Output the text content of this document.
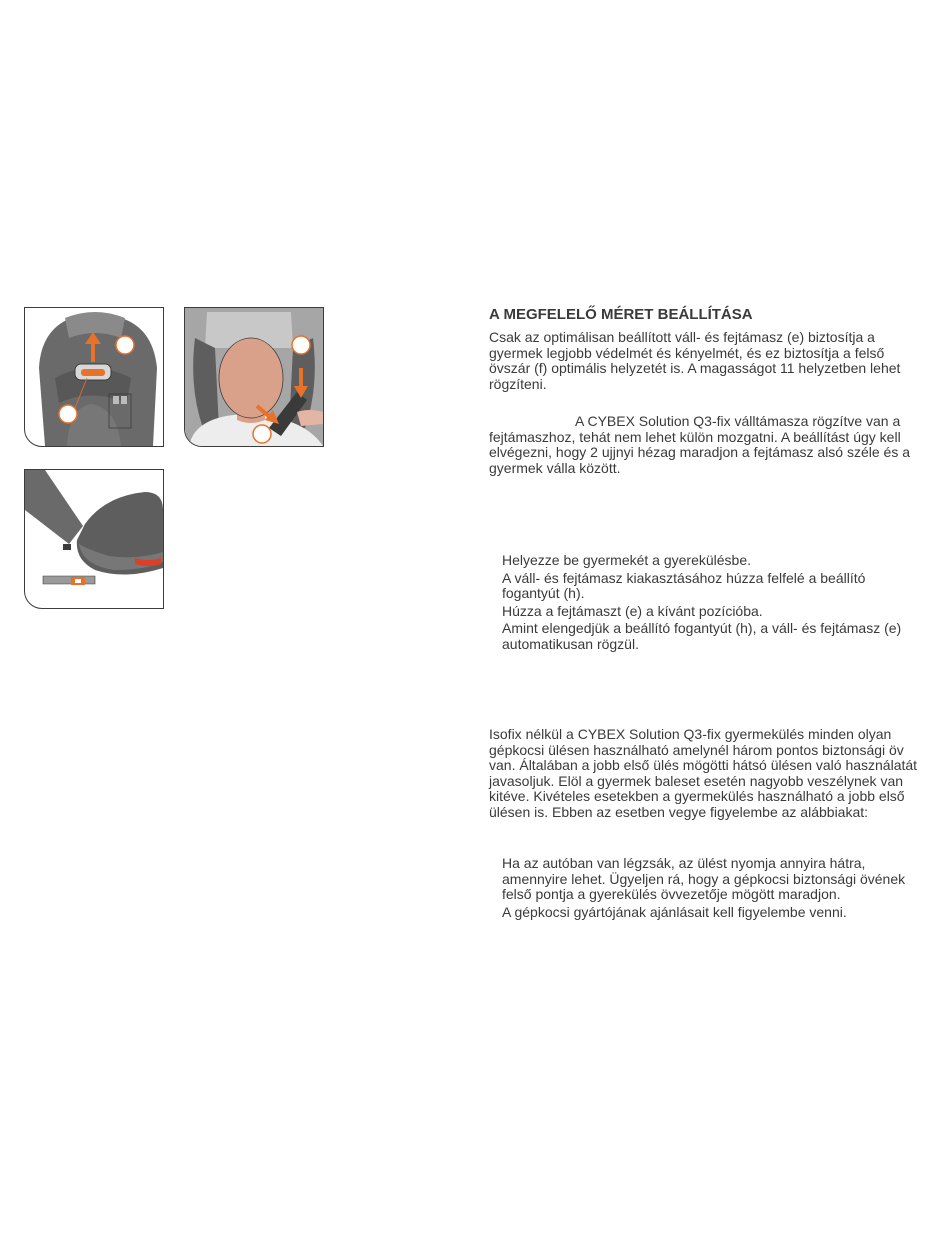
A MEGFELELŐ MÉRET BEÁLLÍTÁSA

Csak az optimálisan beállított váll- és fejtámasz (e) biztosítja a gyermek legjobb védelmét és kényelmét, és ez biztosítja a felső övszár (f) optimális helyzetét is. A magasságot 11 helyzetben lehet rögzíteni.

A CYBEX Solution Q3-fix válltámasza rögzítve van a fejtámaszhoz, tehát nem lehet külön mozgatni. A beállítást úgy kell elvégezni, hogy 2 ujjnyi hézag maradjon a fejtámasz alsó széle és a gyermek válla között.

Helyezze be gyermekét a gyerekülésbe.
A váll- és fejtámasz kiakasztásához húzza felfelé a beállító fogantyút (h).
Húzza a fejtámaszt (e) a kívánt pozícióba.
Amint elengedjük a beállító fogantyút (h), a váll- és fejtámasz (e) automatikusan rögzül.

Isofix nélkül a CYBEX Solution Q3-fix gyermekülés minden olyan gépkocsi ülésen használható amelynél három pontos biztonsági öv van. Általában a jobb első ülés mögötti hátsó ülésen való használatát javasoljuk. Elöl a gyermek baleset esetén nagyobb veszélynek van kitéve. Kivételes esetekben a gyermekülés használható a jobb első ülésen is. Ebben az esetben vegye figyelembe az alábbiakat:

Ha az autóban van légzsák, az ülést nyomja annyira hátra, amennyire lehet. Ügyeljen rá, hogy a gépkocsi biztonsági övének felső pontja a gyerekülés övvezetője mögött maradjon.
A gépkocsi gyártójának ajánlásait kell figyelembe venni.
